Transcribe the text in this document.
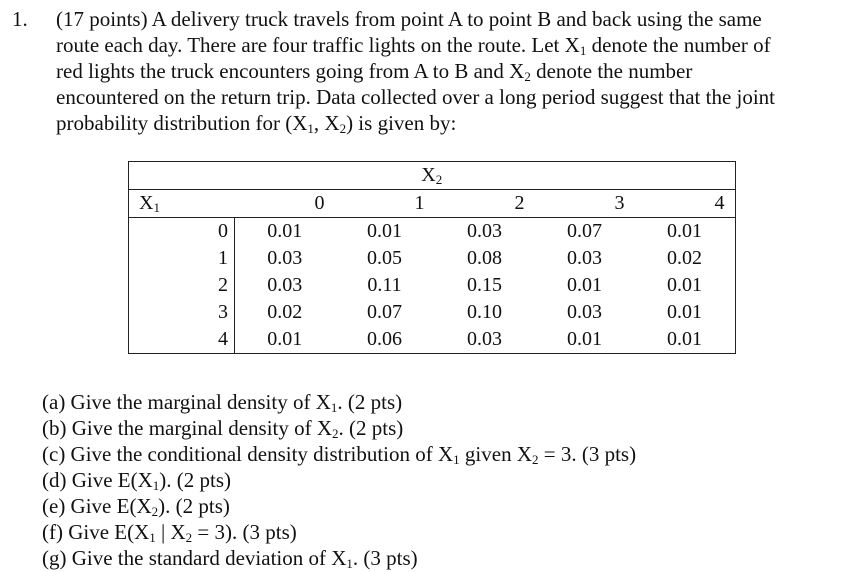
1. (17 points) A delivery truck travels from point A to point B and back using the same
route each day. There are four traffic lights on the route. Let $X_1$ denote the number of
red lights the truck encounters going from A to B and $X_2$ denote the number
encountered on the return trip. Data collected over a long period suggest that the joint
probability distribution for ($X_1$, $X_2$) is given by:
$X_2$
$X_1$		0	1	2	3	4
	0	0.01	0.01	0.03	0.07	0.01
	1	0.03	0.05	0.08	0.03	0.02
	2	0.03	0.11	0.15	0.01	0.01
	3	0.02	0.07	0.10	0.03	0.01
	4	0.01	0.06	0.03	0.01	0.01
(a) Give the marginal density of $X_1$. (2 pts)
(b) Give the marginal density of $X_2$. (2 pts)
(c) Give the conditional density distribution of $X_1$ given $X_2 = 3$. (3 pts)
(d) Give $E(X_1)$. (2 pts)
(e) Give $E(X_2)$. (2 pts)
(f) Give $E(X_1$ | $X_2 = 3$). (3 pts)
(g) Give the standard deviation of $X_1$. (3 pts)
